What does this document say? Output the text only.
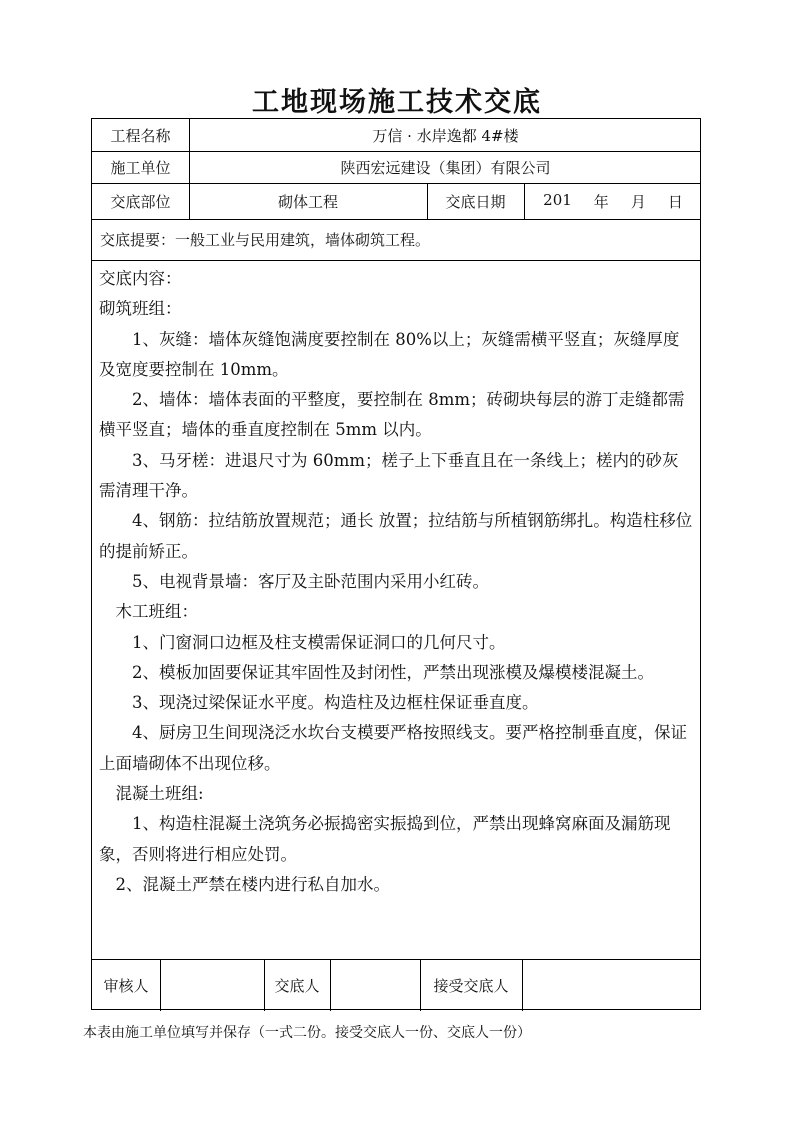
工地现场施工技术交底
工程名称	万信 · 水岸逸都 4#楼
施工单位	陕西宏远建设（集团）有限公司
交底部位	砌体工程	交底日期	201 年 月 日
交底提要：一般工业与民用建筑，墙体砌筑工程。
审核人	交底人	接受交底人

交底内容：

砌筑班组：

　　1、灰缝：墙体灰缝饱满度要控制在 80%以上；灰缝需横平竖直；灰缝厚度及宽度要控制在 10mm。

　　2、墙体：墙体表面的平整度，要控制在 8mm；砖砌块每层的游丁走缝都需横平竖直；墙体的垂直度控制在 5mm 以内。

　　3、马牙槎：进退尺寸为 60mm；槎子上下垂直且在一条线上；槎内的砂灰需清理干净。

　　4、钢筋：拉结筋放置规范；通长 放置；拉结筋与所植钢筋绑扎。构造柱移位的提前矫正。

　　5、电视背景墙：客厅及主卧范围内采用小红砖。

　木工班组：

　　1、门窗洞口边框及柱支模需保证洞口的几何尺寸。

　　2、模板加固要保证其牢固性及封闭性，严禁出现涨模及爆模楼混凝土。

　　3、现浇过梁保证水平度。构造柱及边框柱保证垂直度。

　　4、厨房卫生间现浇泛水坎台支模要严格按照线支。要严格控制垂直度，保证上面墙砌体不出现位移。

　混凝土班组:

　　1、构造柱混凝土浇筑务必振捣密实振捣到位，严禁出现蜂窝麻面及漏筋现象，否则将进行相应处罚。

　2、混凝土严禁在楼内进行私自加水。

本表由施工单位填写并保存（一式二份。接受交底人一份、交底人一份）
